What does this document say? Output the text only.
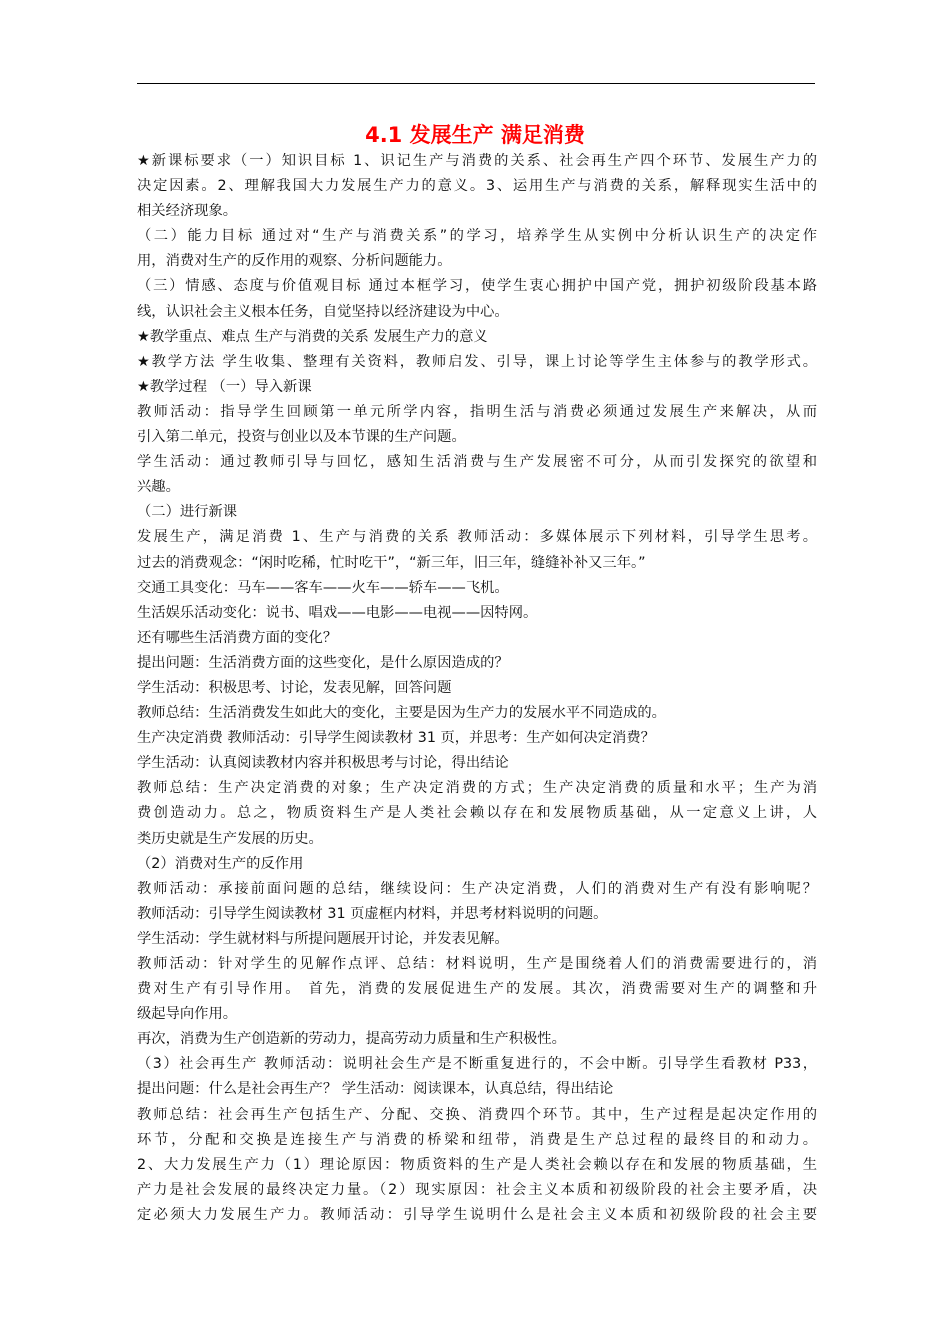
4.1 发展生产 满足消费
★新课标要求（一）知识目标 1、识记生产与消费的关系、社会再生产四个环节、发展生产力的
决定因素。2、理解我国大力发展生产力的意义。3、运用生产与消费的关系，解释现实生活中的
相关经济现象。
（二）能力目标 通过对“生产与消费关系”的学习，培养学生从实例中分析认识生产的决定作
用，消费对生产的反作用的观察、分析问题能力。
（三）情感、态度与价值观目标 通过本框学习，使学生衷心拥护中国产党，拥护初级阶段基本路
线，认识社会主义根本任务，自觉坚持以经济建设为中心。
★教学重点、难点 生产与消费的关系 发展生产力的意义
★教学方法 学生收集、整理有关资料，教师启发、引导，课上讨论等学生主体参与的教学形式。
★教学过程 （一）导入新课
教师活动：指导学生回顾第一单元所学内容，指明生活与消费必须通过发展生产来解决，从而
引入第二单元，投资与创业以及本节课的生产问题。
学生活动：通过教师引导与回忆，感知生活消费与生产发展密不可分，从而引发探究的欲望和
兴趣。
（二）进行新课
发展生产，满足消费 1、生产与消费的关系 教师活动：多媒体展示下列材料，引导学生思考。
过去的消费观念：“闲时吃稀，忙时吃干”，“新三年，旧三年，缝缝补补又三年。”
交通工具变化：马车——客车——火车——轿车——飞机。
生活娱乐活动变化：说书、唱戏——电影——电视——因特网。
还有哪些生活消费方面的变化？
提出问题：生活消费方面的这些变化，是什么原因造成的？
学生活动：积极思考、讨论，发表见解，回答问题
教师总结：生活消费发生如此大的变化，主要是因为生产力的发展水平不同造成的。
生产决定消费 教师活动：引导学生阅读教材 31 页，并思考：生产如何决定消费？
学生活动：认真阅读教材内容并积极思考与讨论，得出结论
教师总结：生产决定消费的对象；生产决定消费的方式；生产决定消费的质量和水平；生产为消
费创造动力。总之，物质资料生产是人类社会赖以存在和发展物质基础，从一定意义上讲，人
类历史就是生产发展的历史。
（2）消费对生产的反作用
教师活动：承接前面问题的总结，继续设问：生产决定消费，人们的消费对生产有没有影响呢？
教师活动：引导学生阅读教材 31 页虚框内材料，并思考材料说明的问题。
学生活动：学生就材料与所提问题展开讨论，并发表见解。
教师活动：针对学生的见解作点评、总结：材料说明，生产是围绕着人们的消费需要进行的，消
费对生产有引导作用。 首先，消费的发展促进生产的发展。其次，消费需要对生产的调整和升
级起导向作用。
再次，消费为生产创造新的劳动力，提高劳动力质量和生产积极性。
（3）社会再生产 教师活动：说明社会生产是不断重复进行的，不会中断。引导学生看教材 P33，
提出问题：什么是社会再生产？ 学生活动：阅读课本，认真总结，得出结论
教师总结：社会再生产包括生产、分配、交换、消费四个环节。其中，生产过程是起决定作用的
环节，分配和交换是连接生产与消费的桥梁和纽带，消费是生产总过程的最终目的和动力。
2、大力发展生产力（1）理论原因：物质资料的生产是人类社会赖以存在和发展的物质基础，生
产力是社会发展的最终决定力量。（2）现实原因：社会主义本质和初级阶段的社会主要矛盾，决
定必须大力发展生产力。教师活动：引导学生说明什么是社会主义本质和初级阶段的社会主要
